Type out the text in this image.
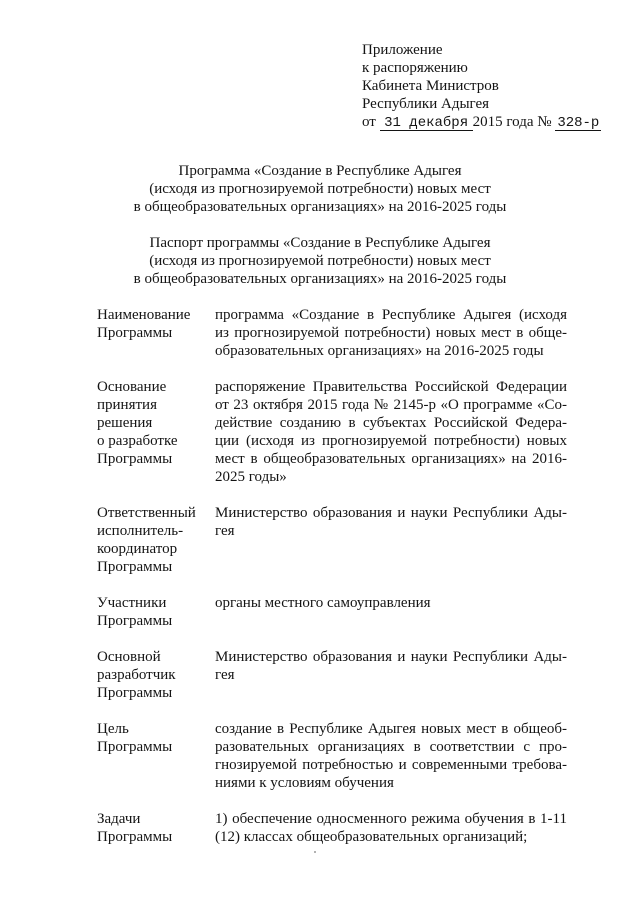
Приложение
к распоряжению
Кабинета Министров
Республики Адыгея
от 31 декабря 2015 года № 328-р
Программа «Создание в Республике Адыгея
(исходя из прогнозируемой потребности) новых мест
в общеобразовательных организациях» на 2016-2025 годы
Паспорт программы «Создание в Республике Адыгея
(исходя из прогнозируемой потребности) новых мест
в общеобразовательных организациях» на 2016-2025 годы
Наименование
Программы
программа «Создание в Республике Адыгея (исходя
из прогнозируемой потребности) новых мест в обще-
образовательных организациях» на 2016-2025 годы
Основание
принятия
решения
о разработке
Программы
распоряжение Правительства Российской Федерации
от 23 октября 2015 года № 2145-р «О программе «Со-
действие созданию в субъектах Российской Федера-
ции (исходя из прогнозируемой потребности) новых
мест в общеобразовательных организациях» на 2016-
2025 годы»
Ответственный
исполнитель-
координатор
Программы
Министерство образования и науки Республики Ады-
гея
Участники
Программы
органы местного самоуправления
Основной
разработчик
Программы
Министерство образования и науки Республики Ады-
гея
Цель
Программы
создание в Республике Адыгея новых мест в общеоб-
разовательных организациях в соответствии с про-
гнозируемой потребностью и современными требова-
ниями к условиям обучения
Задачи
Программы
1) обеспечение односменного режима обучения в 1-11
(12) классах общеобразовательных организаций;
